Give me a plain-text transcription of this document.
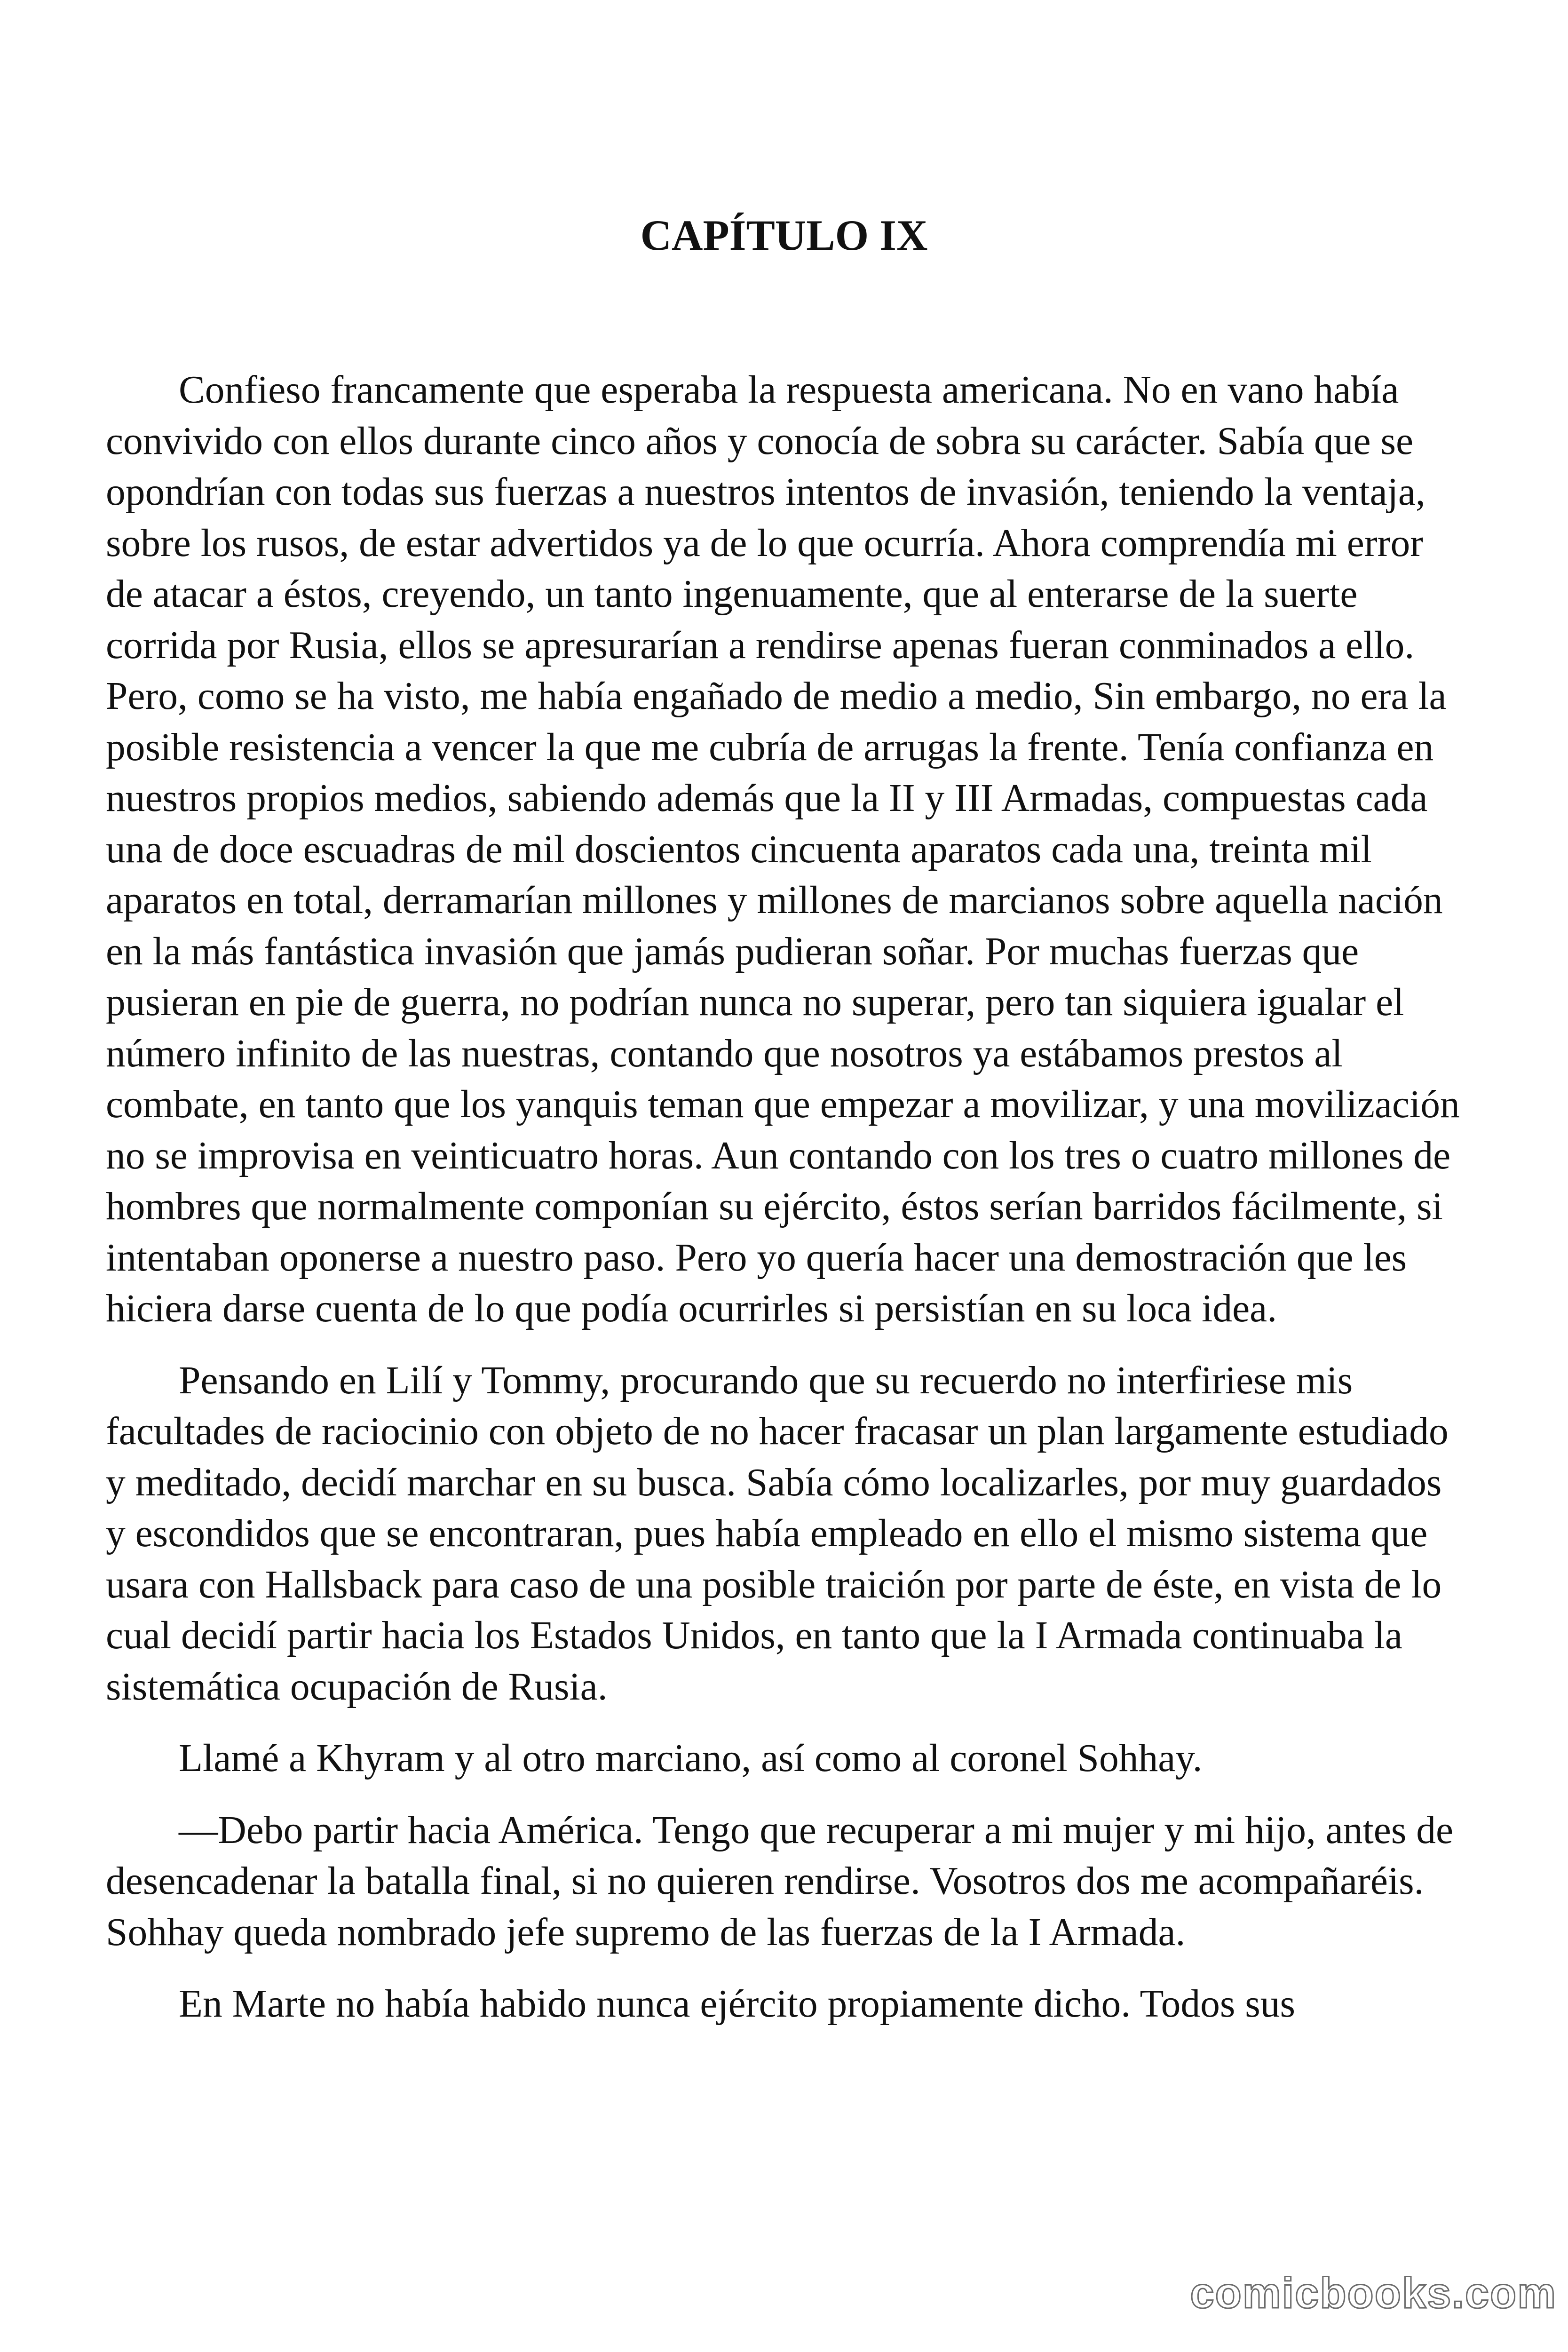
CAPÍTULO IX

Confieso francamente que esperaba la respuesta americana. No en vano había convivido con ellos durante cinco años y conocía de sobra su carácter. Sabía que se opondrían con todas sus fuerzas a nuestros intentos de invasión, teniendo la ventaja, sobre los rusos, de estar advertidos ya de lo que ocurría. Ahora comprendía mi error de atacar a éstos, creyendo, un tanto ingenuamente, que al enterarse de la suerte corrida por Rusia, ellos se apresurarían a rendirse apenas fueran conminados a ello. Pero, como se ha visto, me había engañado de medio a medio, Sin embargo, no era la posible resistencia a vencer la que me cubría de arrugas la frente. Tenía confianza en nuestros propios medios, sabiendo además que la II y III Armadas, compuestas cada una de doce escuadras de mil doscientos cincuenta aparatos cada una, treinta mil aparatos en total, derramarían millones y millones de marcianos sobre aquella nación en la más fantástica invasión que jamás pudieran soñar. Por muchas fuerzas que pusieran en pie de guerra, no podrían nunca no superar, pero tan siquiera igualar el número infinito de las nuestras, contando que nosotros ya estábamos prestos al combate, en tanto que los yanquis teman que empezar a movilizar, y una movilización no se improvisa en veinticuatro horas. Aun contando con los tres o cuatro millones de hombres que normalmente componían su ejército, éstos serían barridos fácilmente, si intentaban oponerse a nuestro paso. Pero yo quería hacer una demostración que les hiciera darse cuenta de lo que podía ocurrirles si persistían en su loca idea.

Pensando en Lilí y Tommy, procurando que su recuerdo no interfiriese mis facultades de raciocinio con objeto de no hacer fracasar un plan largamente estudiado y meditado, decidí marchar en su busca. Sabía cómo localizarles, por muy guardados y escondidos que se encontraran, pues había empleado en ello el mismo sistema que usara con Hallsback para caso de una posible traición por parte de éste, en vista de lo cual decidí partir hacia los Estados Unidos, en tanto que la I Armada continuaba la sistemática ocupación de Rusia.

Llamé a Khyram y al otro marciano, así como al coronel Sohhay.

—Debo partir hacia América. Tengo que recuperar a mi mujer y mi hijo, antes de desencadenar la batalla final, si no quieren rendirse. Vosotros dos me acompañaréis. Sohhay queda nombrado jefe supremo de las fuerzas de la I Armada.

En Marte no había habido nunca ejército propiamente dicho. Todos sus

comicbooks.com
